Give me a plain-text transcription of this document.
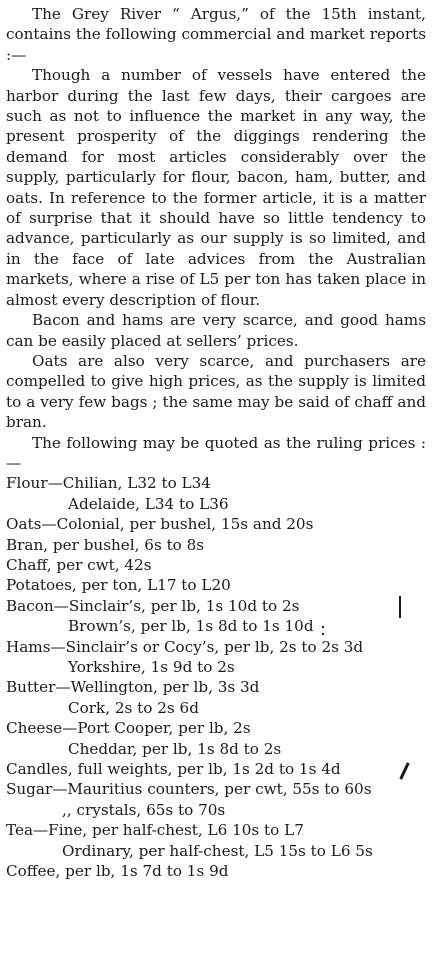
The Grey River “ Argus,” of the 15th instant, contains the following commercial and market reports :—

Though a number of vessels have entered the harbor during the last few days, their cargoes are such as not to influence the market in any way, the present prosperity of the diggings rendering the demand for most articles considerably over the supply, particularly for flour, bacon, ham, butter, and oats. In reference to the former article, it is a matter of surprise that it should have so little tendency to advance, particularly as our supply is so limited, and in the face of late advices from the Australian markets, where a rise of L5 per ton has taken place in almost every description of flour.

Bacon and hams are very scarce, and good hams can be easily placed at sellers’ prices.

Oats are also very scarce, and purchasers are compelled to give high prices, as the supply is limited to a very few bags ; the same may be said of chaff and bran.

The following may be quoted as the ruling prices :—

Flour—Chilian, L32 to L34
Adelaide, L34 to L36
Oats—Colonial, per bushel, 15s and 20s
Bran, per bushel, 6s to 8s
Chaff, per cwt, 42s
Potatoes, per ton, L17 to L20
Bacon—Sinclair’s, per lb, 1s 10d to 2s
Brown’s, per lb, 1s 8d to 1s 10d
Hams—Sinclair’s or Cocy’s, per lb, 2s to 2s 3d
Yorkshire, 1s 9d to 2s
Butter—Wellington, per lb, 3s 3d
Cork, 2s to 2s 6d
Cheese—Port Cooper, per lb, 2s
Cheddar, per lb, 1s 8d to 2s
Candles, full weights, per lb, 1s 2d to 1s 4d
Sugar—Mauritius counters, per cwt, 55s to 60s
,, crystals, 65s to 70s
Tea—Fine, per half-chest, L6 10s to L7
Ordinary, per half-chest, L5 15s to L6 5s
Coffee, per lb, 1s 7d to 1s 9d
